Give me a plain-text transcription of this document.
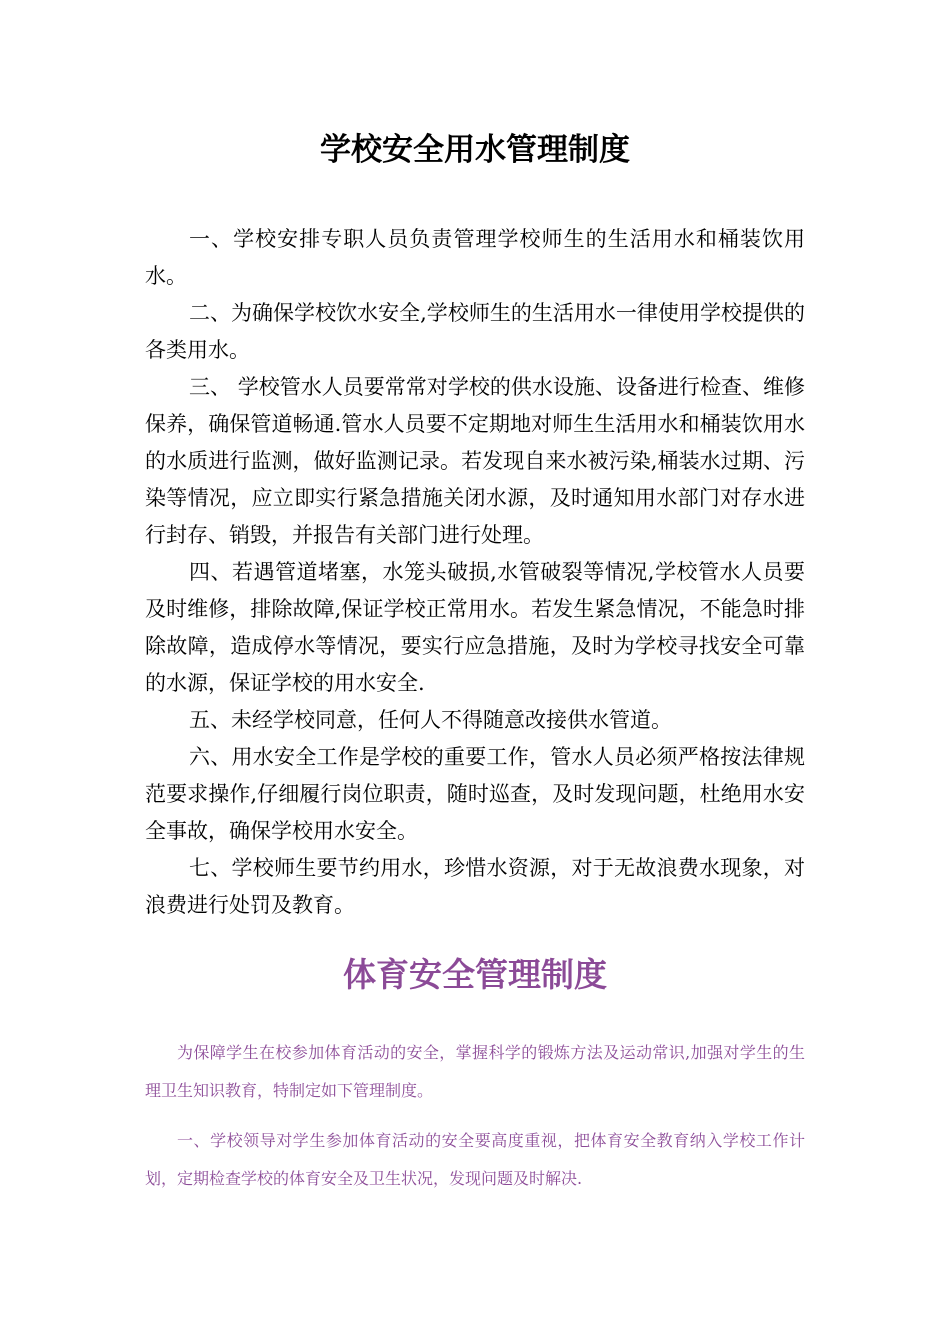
学校安全用水管理制度

一、学校安排专职人员负责管理学校师生的生活用水和桶装饮用水。

二、为确保学校饮水安全,学校师生的生活用水一律使用学校提供的各类用水。

三、 学校管水人员要常常对学校的供水设施、设备进行检查、维修保养，确保管道畅通.管水人员要不定期地对师生生活用水和桶装饮用水的水质进行监测，做好监测记录。若发现自来水被污染,桶装水过期、污染等情况，应立即实行紧急措施关闭水源，及时通知用水部门对存水进行封存、销毁，并报告有关部门进行处理。

四、若遇管道堵塞，水笼头破损,水管破裂等情况,学校管水人员要及时维修，排除故障,保证学校正常用水。若发生紧急情况，不能急时排除故障，造成停水等情况，要实行应急措施，及时为学校寻找安全可靠的水源，保证学校的用水安全.

五、未经学校同意，任何人不得随意改接供水管道。

六、用水安全工作是学校的重要工作，管水人员必须严格按法律规范要求操作,仔细履行岗位职责，随时巡查，及时发现问题，杜绝用水安全事故，确保学校用水安全。

七、学校师生要节约用水，珍惜水资源，对于无故浪费水现象，对浪费进行处罚及教育。

体育安全管理制度

为保障学生在校参加体育活动的安全，掌握科学的锻炼方法及运动常识,加强对学生的生理卫生知识教育，特制定如下管理制度。

一、学校领导对学生参加体育活动的安全要高度重视，把体育安全教育纳入学校工作计划，定期检查学校的体育安全及卫生状况，发现问题及时解决.
